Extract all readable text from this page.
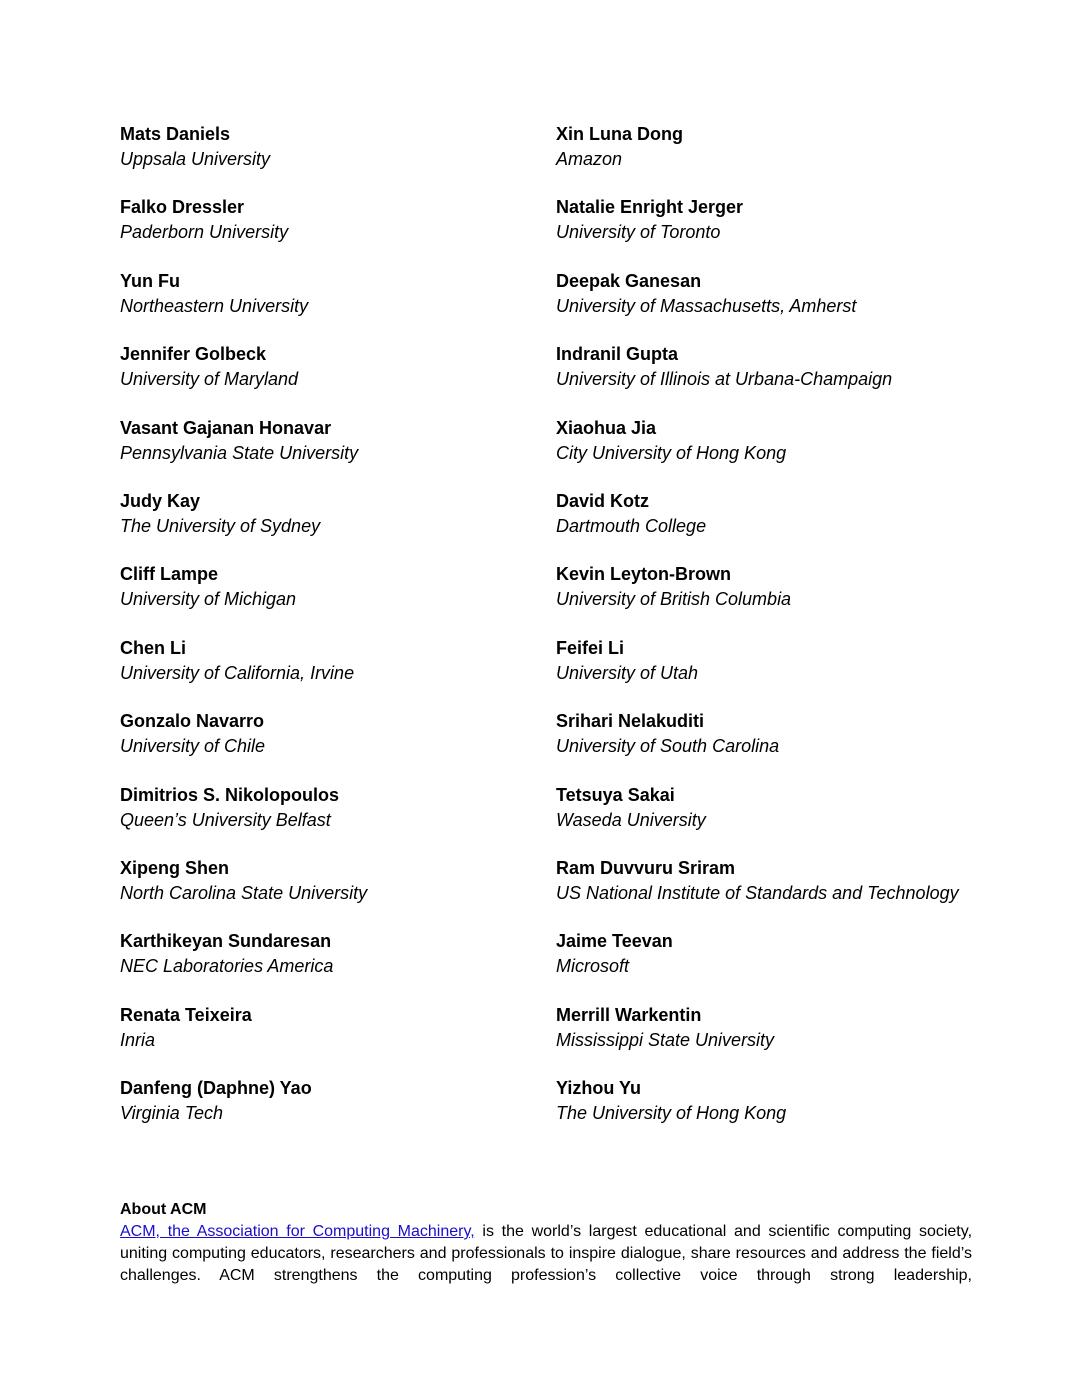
Mats Daniels
Uppsala University
Xin Luna Dong
Amazon
Falko Dressler
Paderborn University
Natalie Enright Jerger
University of Toronto
Yun Fu
Northeastern University
Deepak Ganesan
University of Massachusetts, Amherst
Jennifer Golbeck
University of Maryland
Indranil Gupta
University of Illinois at Urbana-Champaign
Vasant Gajanan Honavar
Pennsylvania State University
Xiaohua Jia
City University of Hong Kong
Judy Kay
The University of Sydney
David Kotz
Dartmouth College
Cliff Lampe
University of Michigan
Kevin Leyton-Brown
University of British Columbia
Chen Li
University of California, Irvine
Feifei Li
University of Utah
Gonzalo Navarro
University of Chile
Srihari Nelakuditi
University of South Carolina
Dimitrios S. Nikolopoulos
Queen’s University Belfast
Tetsuya Sakai
Waseda University
Xipeng Shen
North Carolina State University
Ram Duvvuru Sriram
US National Institute of Standards and Technology
Karthikeyan Sundaresan
NEC Laboratories America
Jaime Teevan
Microsoft
Renata Teixeira
Inria
Merrill Warkentin
Mississippi State University
Danfeng (Daphne) Yao
Virginia Tech
Yizhou Yu
The University of Hong Kong
About ACM
ACM, the Association for Computing Machinery, is the world’s largest educational and scientific computing society, uniting computing educators, researchers and professionals to inspire dialogue, share resources and address the field’s challenges. ACM strengthens the computing profession’s collective voice through strong leadership,
